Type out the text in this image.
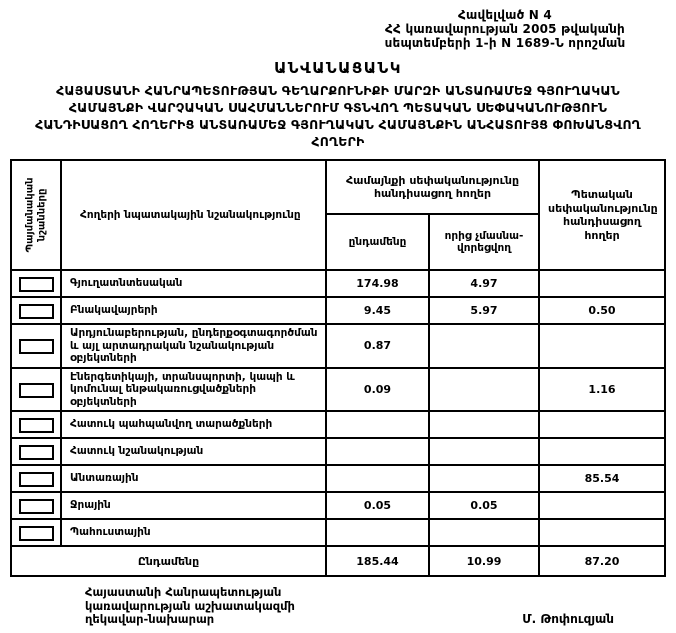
Հավելված N 4
ՀՀ կառավարության 2005 թվականի
սեպտեմբերի 1-ի N 1689-Ն որոշման
ԱՆՎԱՆԱՑԱՆԿ
ՀԱՅԱՍՏԱՆԻ ՀԱՆՐԱՊԵՏՈՒԹՅԱՆ ԳԵՂԱՐՔՈՒՆԻՔԻ ՄԱՐԶԻ ԱՆՏԱՌԱՄԵՋ ԳՅՈՒՂԱԿԱՆ
ՀԱՄԱՅՆՔԻ ՎԱՐՉԱԿԱՆ ՍԱՀՄԱՆՆԵՐՈՒՄ ԳՏՆՎՈՂ ՊԵՏԱԿԱՆ ՍԵՓԱԿԱՆՈՒԹՅՈՒՆ
ՀԱՆԴԻՍԱՑՈՂ ՀՈՂԵՐԻՑ ԱՆՏԱՌԱՄԵՋ ԳՅՈՒՂԱԿԱՆ ՀԱՄԱՅՆՔԻՆ ԱՆՀԱՏՈՒՅՑ ՓՈԽԱՆՑՎՈՂ
ՀՈՂԵՐԻ
Պայմանական նշանները	Հողերի նպատակային նշանակությունը	Համայնքի սեփականությունը հանդիսացող հողեր		Պետական սեփականությունը հանդիսացող հողեր
		ընդամենը	որից չմասնա- վորեցվող	
	Գյուղատնտեսական	174.98	4.97	
	Բնակավայրերի	9.45	5.97	0.50
	Արդյունաբերության, ընդերքօգտագործման և այլ արտադրական նշանակության օբյեկտների	0.87		
	Էներգետիկայի, տրանսպորտի, կապի և կոմունալ ենթակառուցվածքների օբյեկտների	0.09		1.16
	Հատուկ պահպանվող տարածքների			
	Հատուկ նշանակության			
	Անտառային			85.54
	Ջրային	0.05	0.05	
	Պահուստային			
Ընդամենը		185.44	10.99	87.20
Հայաստանի Հանրապետության
կառավարության աշխատակազմի
ղեկավար-նախարար	Մ. Թոփուզյան
